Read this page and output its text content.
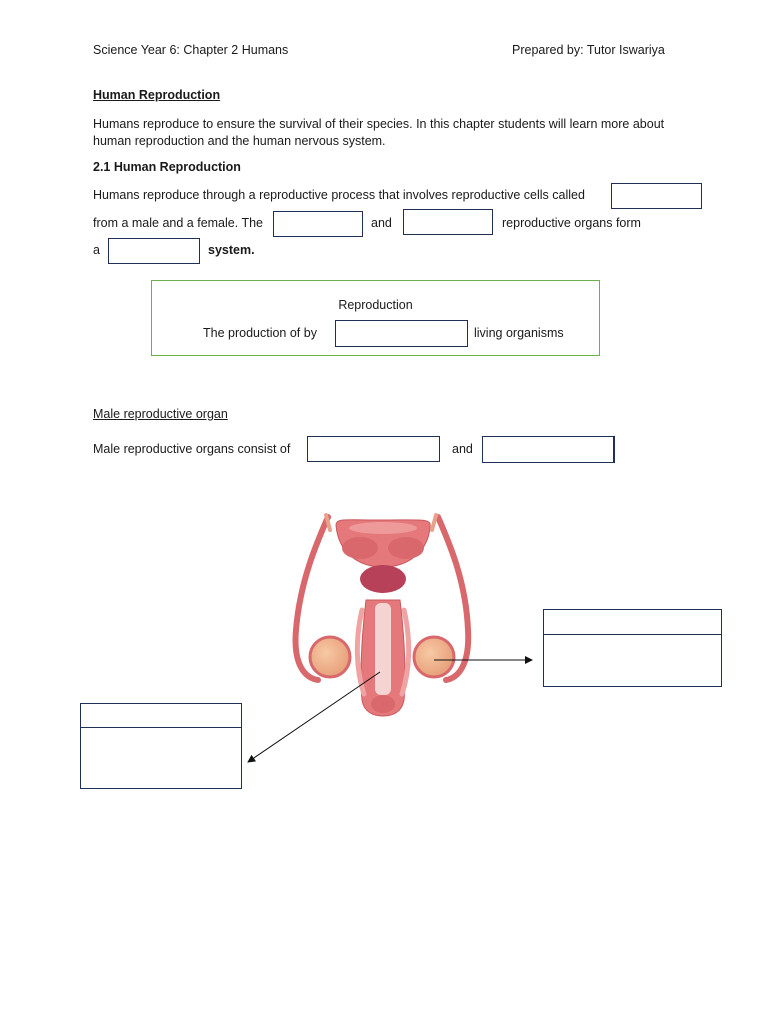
Science Year 6: Chapter 2 Humans	Prepared by: Tutor Iswariya
Human Reproduction
Humans reproduce to ensure the survival of their species. In this chapter students will learn more about human reproduction and the human nervous system.
2.1 Human Reproduction
Humans reproduce through a reproductive process that involves reproductive cells called
from a male and a female. The	and	reproductive organs form
a	system.
Reproduction
The production of by	living organisms
Male reproductive organ
Male reproductive organs consist of	and
